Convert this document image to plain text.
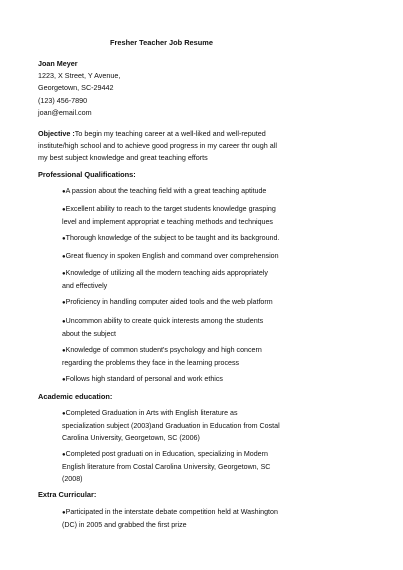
Fresher Teacher Job Resume
Joan Meyer
1223, X Street, Y Avenue,
Georgetown, SC-29442
(123) 456-7890
joan@email.com
Objective :To begin my teaching career at a well-liked and well-reputed institute/high school and to achieve good progress in my career thr ough all my best subject knowledge and great teaching efforts
Professional Qualifications:
●A passion about the teaching field with a great teaching aptitude
●Excellent ability to reach to the target students knowledge grasping level and implement appropriat e teaching methods and techniques
●Thorough knowledge of the subject to be taught and its background.
●Great fluency in spoken English and command over comprehension
●Knowledge of utilizing all the modern teaching aids appropriately and effectively
●Proficiency in handling computer aided tools and the web platform
●Uncommon ability to create quick interests among the students about the subject
●Knowledge of common student's psychology and high concern regarding the problems they face in the learning process
●Follows high standard of personal and work ethics
Academic education:
●Completed Graduation in Arts with English literature as specialization subject (2003)and Graduation in Education from Costal Carolina University, Georgetown, SC (2006)
●Completed post graduati on in Education, specializing in Modern English literature from Costal Carolina University, Georgetown, SC (2008)
Extra Curricular:
●Participated in the interstate debate competition held at Washington (DC) in 2005 and grabbed the first prize
